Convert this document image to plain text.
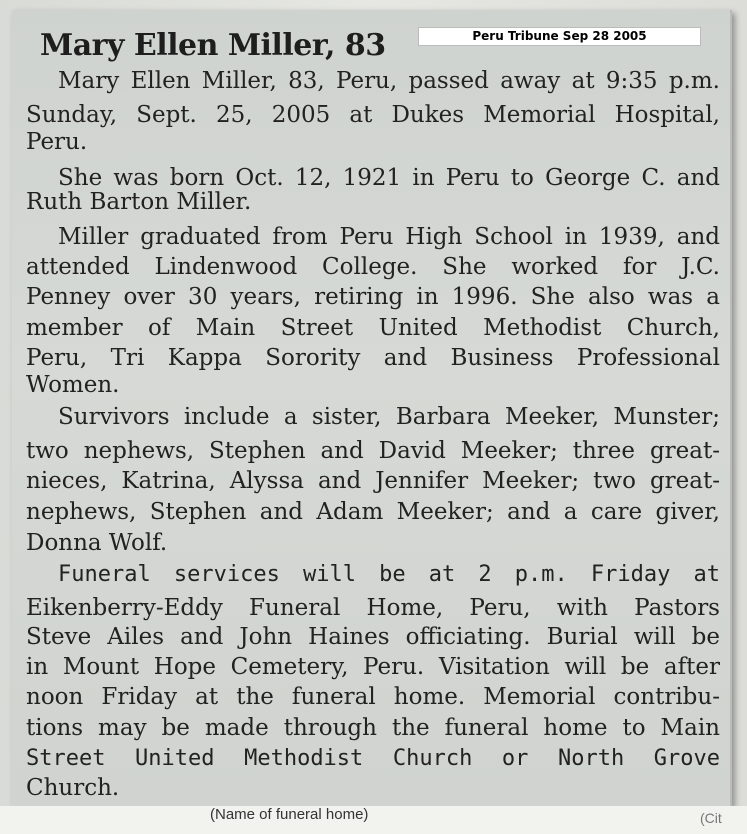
Peru Tribune Sep 28 2005
Mary Ellen Miller, 83
Mary Ellen Miller, 83, Peru, passed away at 9:35 p.m.
Sunday, Sept. 25, 2005 at Dukes Memorial Hospital,
Peru.
She was born Oct. 12, 1921 in Peru to George C. and
Ruth Barton Miller.
Miller graduated from Peru High School in 1939, and
attended Lindenwood College. She worked for J.C.
Penney over 30 years, retiring in 1996. She also was a
member of Main Street United Methodist Church,
Peru, Tri Kappa Sorority and Business Professional
Women.
Survivors include a sister, Barbara Meeker, Munster;
two nephews, Stephen and David Meeker; three great-
nieces, Katrina, Alyssa and Jennifer Meeker; two great-
nephews, Stephen and Adam Meeker; and a care giver,
Donna Wolf.
Funeral services will be at 2 p.m. Friday at
Eikenberry-Eddy Funeral Home, Peru, with Pastors
Steve Ailes and John Haines officiating. Burial will be
in Mount Hope Cemetery, Peru. Visitation will be after
noon Friday at the funeral home. Memorial contribu-
tions may be made through the funeral home to Main
Street United Methodist Church or North Grove
Church.
(Name of funeral home)	(Cit
